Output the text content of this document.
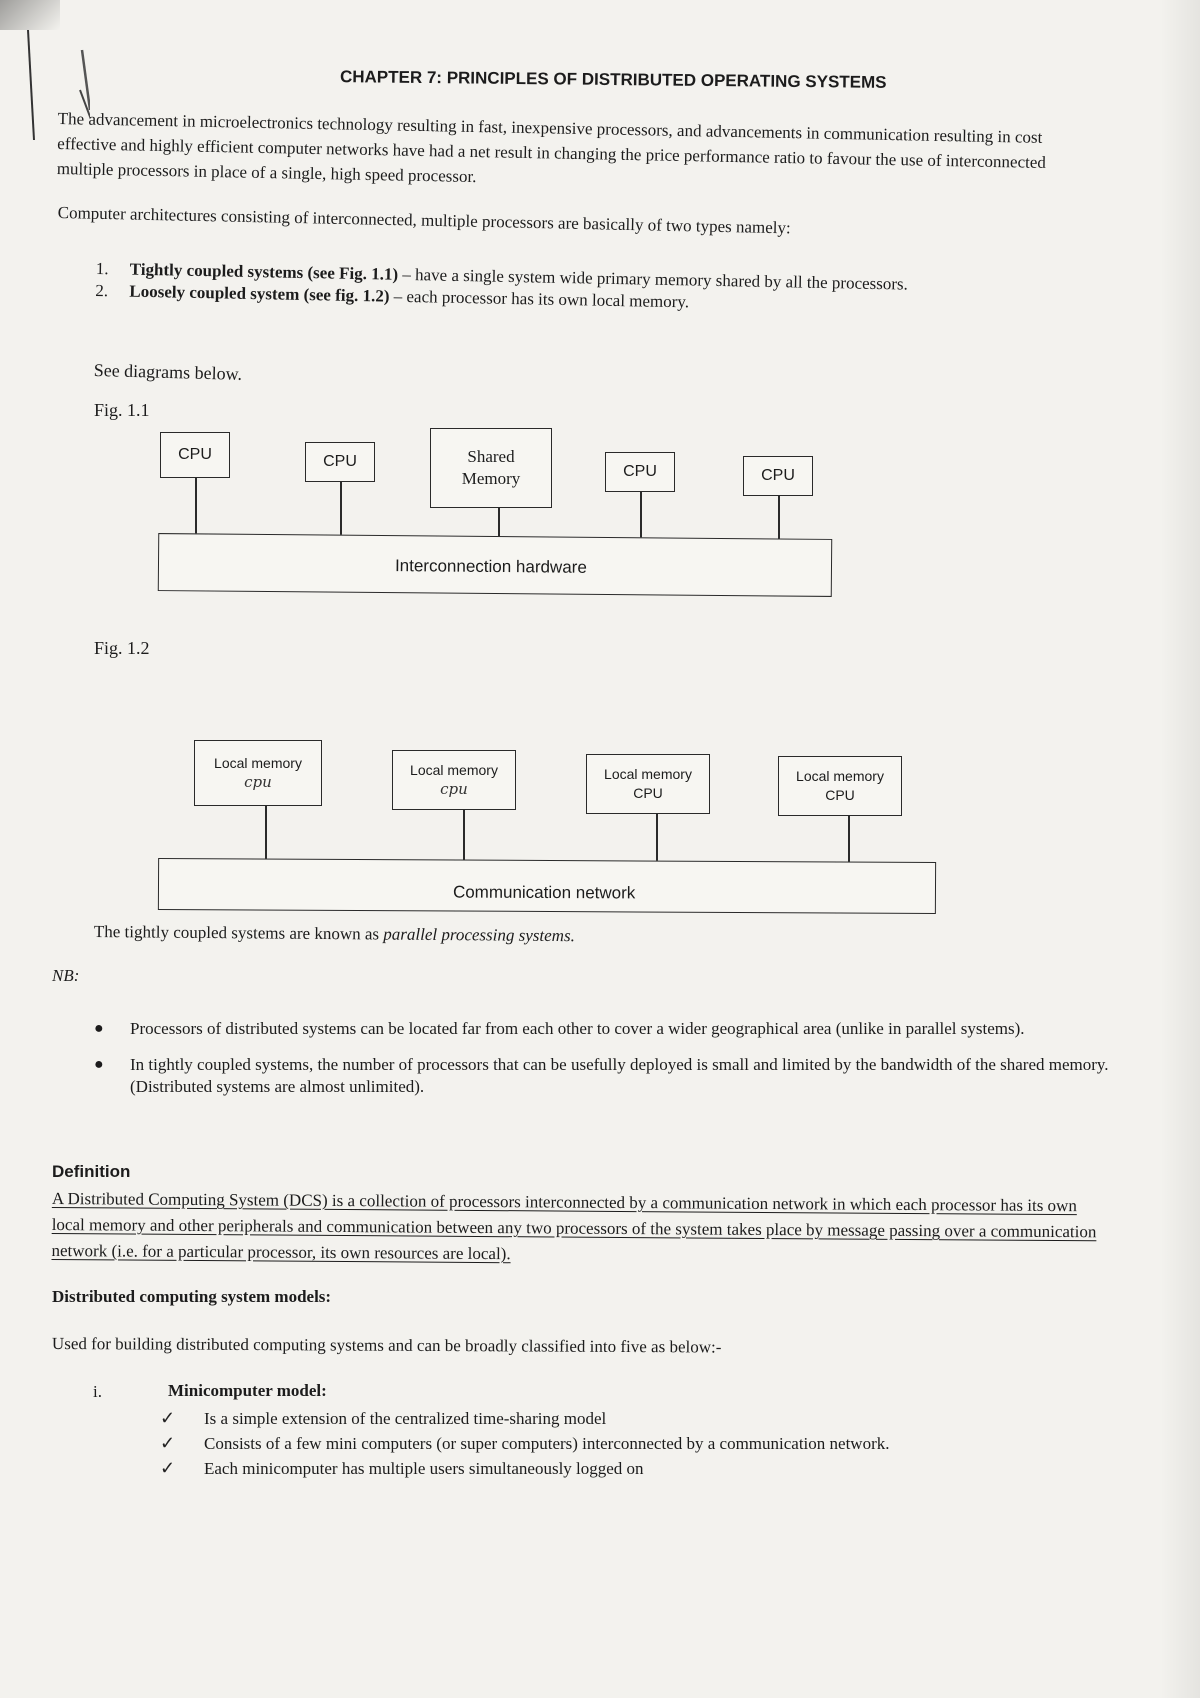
CHAPTER 7: PRINCIPLES OF DISTRIBUTED OPERATING SYSTEMS
The advancement in microelectronics technology resulting in fast, inexpensive processors, and advancements in communication resulting in cost effective and highly efficient computer networks have had a net result in changing the price performance ratio to favour the use of interconnected multiple processors in place of a single, high speed processor.
Computer architectures consisting of interconnected, multiple processors are basically of two types namely:
1.	Tightly coupled systems (see Fig. 1.1) – have a single system wide primary memory shared by all the processors.
2.	Loosely coupled system (see fig. 1.2) – each processor has its own local memory.
See diagrams below.
Fig. 1.1
CPU	CPU	Shared
Memory	CPU	CPU
Interconnection hardware
Fig. 1.2
Local memory
cpu
Local memory
cpu
Local memory
CPU
Local memory
CPU
Communication network
The tightly coupled systems are known as parallel processing systems.
NB:
●	Processors of distributed systems can be located far from each other to cover a wider geographical area (unlike in parallel systems).
●	In tightly coupled systems, the number of processors that can be usefully deployed is small and limited by the bandwidth of the shared memory. (Distributed systems are almost unlimited).
Definition
A Distributed Computing System (DCS) is a collection of processors interconnected by a communication network in which each processor has its own local memory and other peripherals and communication between any two processors of the system takes place by message passing over a communication network (i.e. for a particular processor, its own resources are local).
Distributed computing system models:
Used for building distributed computing systems and can be broadly classified into five as below:-
i.	Minicomputer model:
✓	Is a simple extension of the centralized time-sharing model
✓	Consists of a few mini computers (or super computers) interconnected by a communication network.
✓	Each minicomputer has multiple users simultaneously logged on
